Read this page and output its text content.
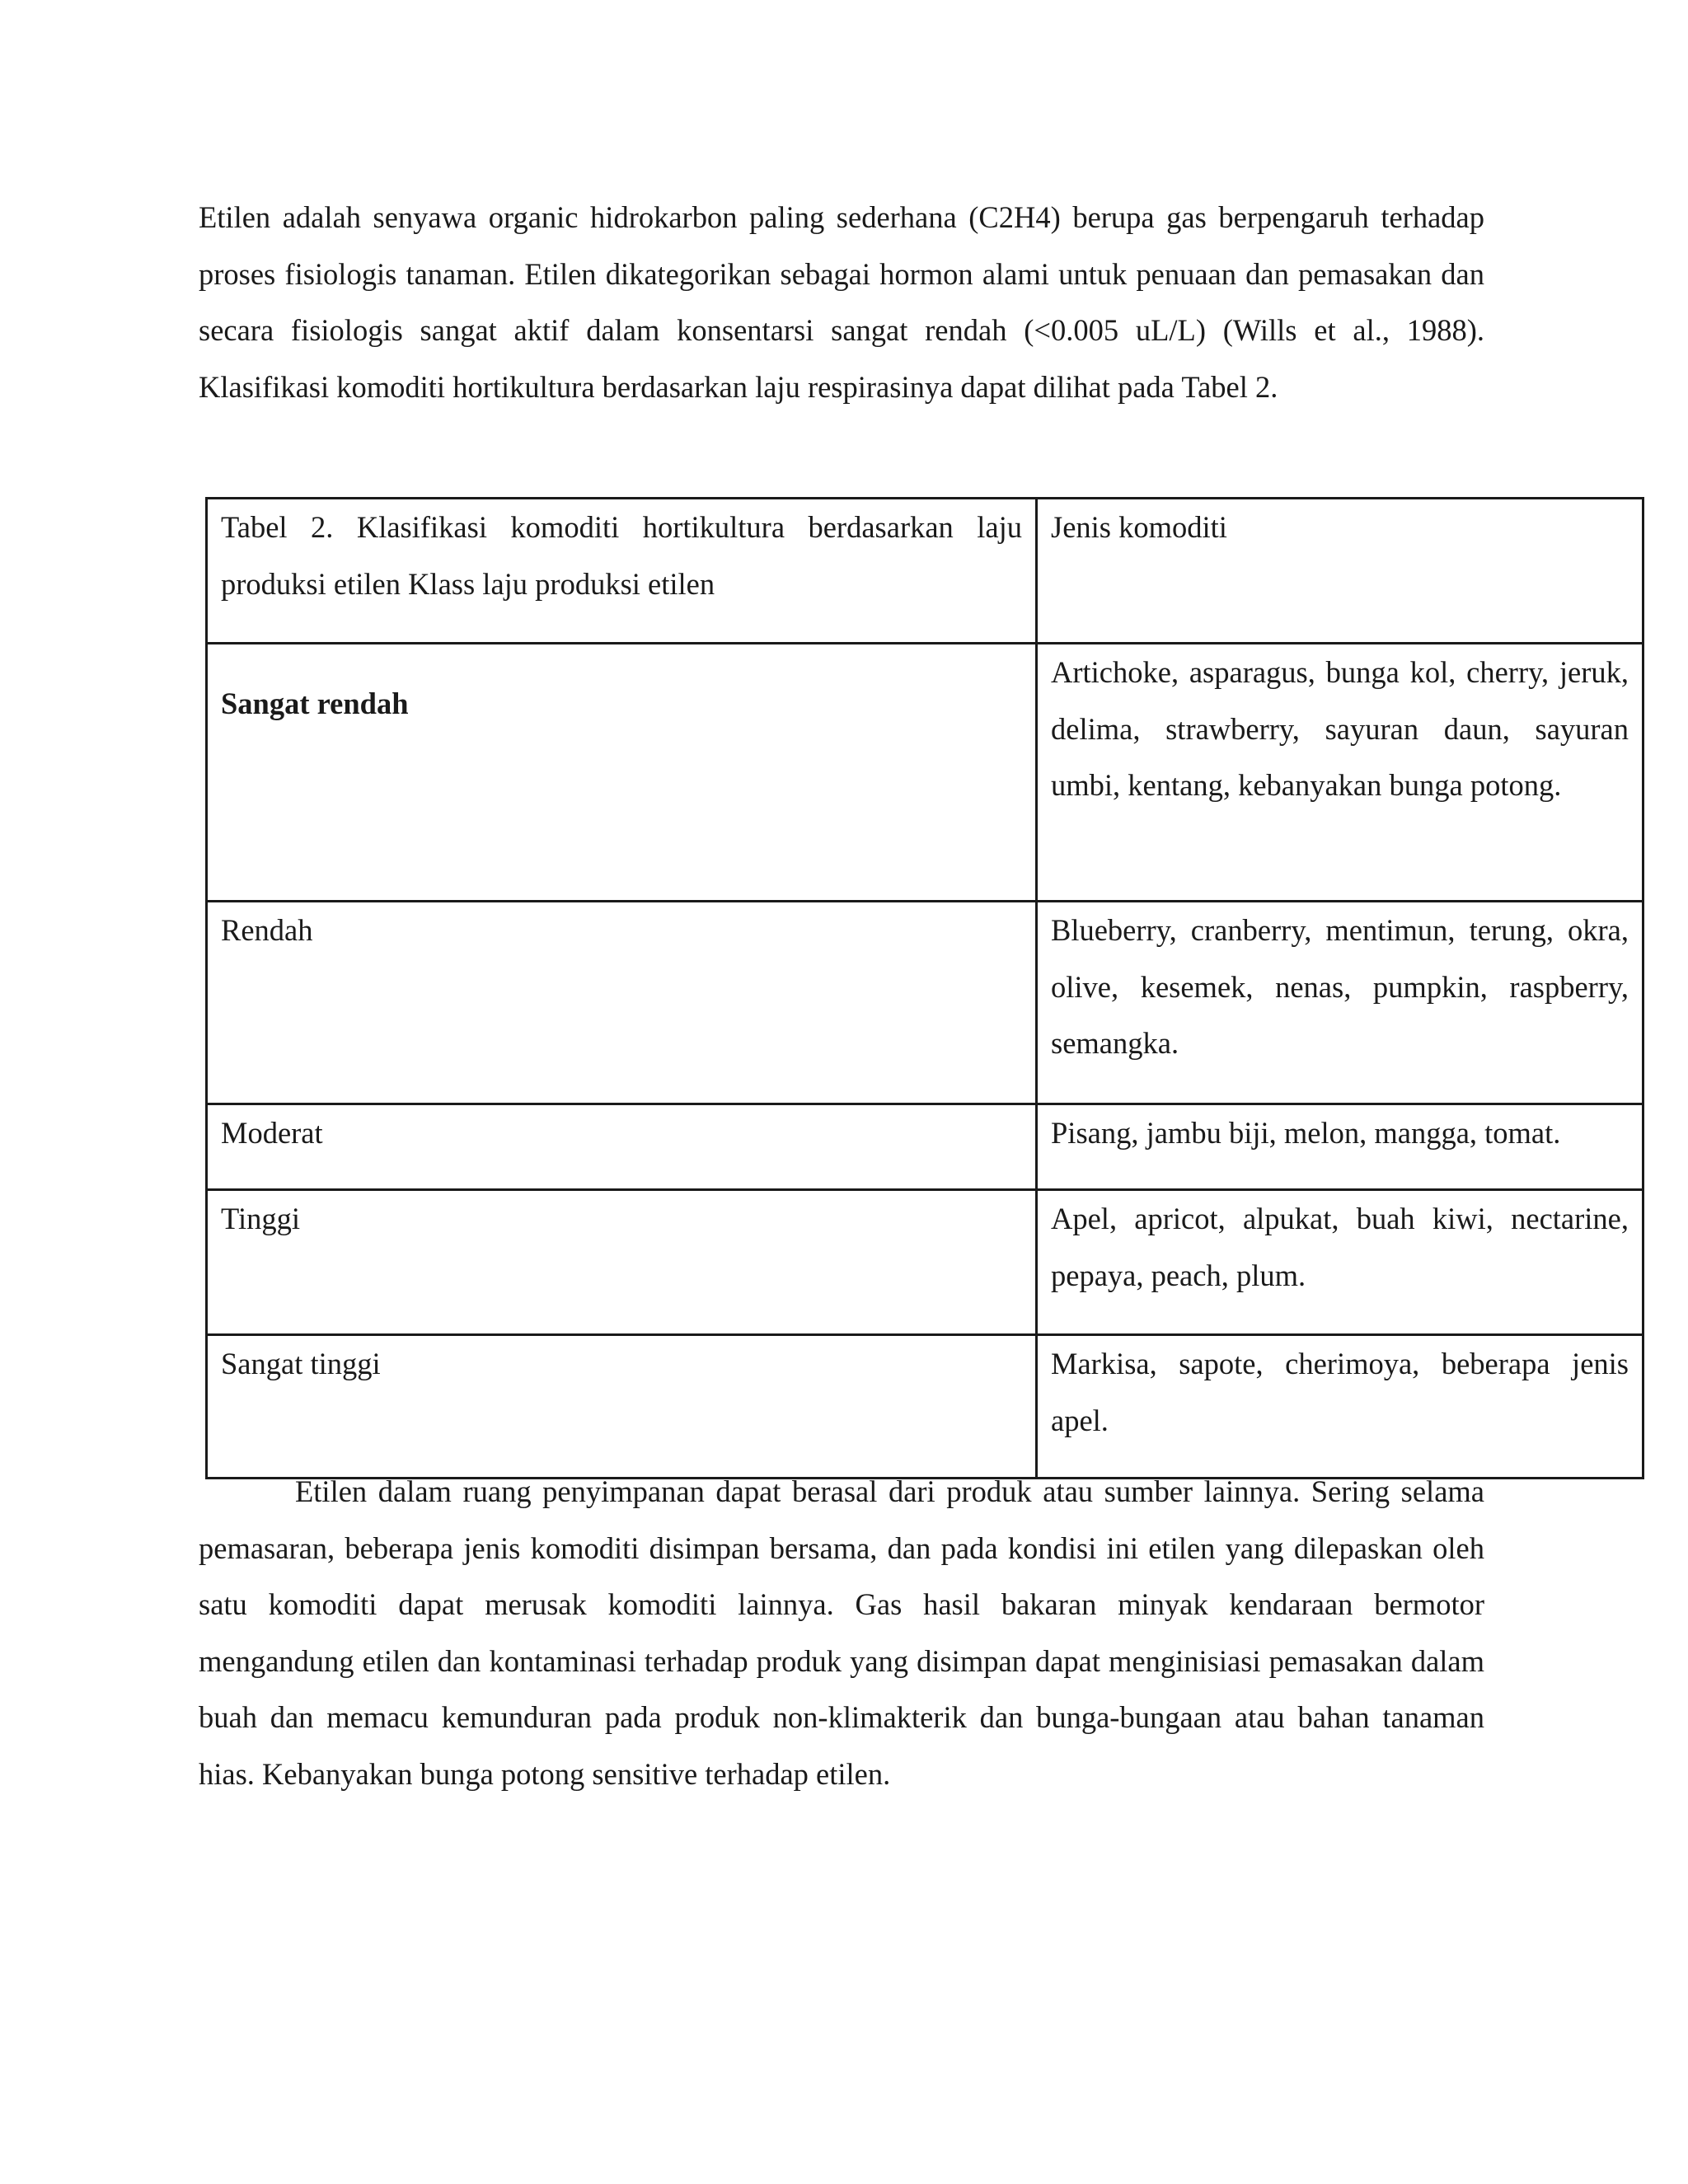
Etilen adalah senyawa organic hidrokarbon paling sederhana (C2H4) berupa gas berpengaruh terhadap proses fisiologis tanaman. Etilen dikategorikan sebagai hormon alami untuk penuaan dan pemasakan dan secara fisiologis sangat aktif dalam konsentarsi sangat rendah (<0.005 uL/L) (Wills et al., 1988). Klasifikasi komoditi hortikultura berdasarkan laju respirasinya dapat dilihat pada Tabel 2.

Tabel 2. Klasifikasi komoditi hortikultura berdasarkan laju produksi etilen Klass laju produksi etilen	Jenis komoditi
Sangat rendah	Artichoke, asparagus, bunga kol, cherry, jeruk, delima, strawberry, sayuran daun, sayuran umbi, kentang, kebanyakan bunga potong.
Rendah	Blueberry, cranberry, mentimun, terung, okra, olive, kesemek, nenas, pumpkin, raspberry, semangka.
Moderat	Pisang, jambu biji, melon, mangga, tomat.
Tinggi	Apel, apricot, alpukat, buah kiwi, nectarine, pepaya, peach, plum.
Sangat tinggi	Markisa, sapote, cherimoya, beberapa jenis apel.

Etilen dalam ruang penyimpanan dapat berasal dari produk atau sumber lainnya. Sering selama pemasaran, beberapa jenis komoditi disimpan bersama, dan pada kondisi ini etilen yang dilepaskan oleh satu komoditi dapat merusak komoditi lainnya. Gas hasil bakaran minyak kendaraan bermotor mengandung etilen dan kontaminasi terhadap produk yang disimpan dapat menginisiasi pemasakan dalam buah dan memacu kemunduran pada produk non-klimakterik dan bunga-bungaan atau bahan tanaman hias. Kebanyakan bunga potong sensitive terhadap etilen.
